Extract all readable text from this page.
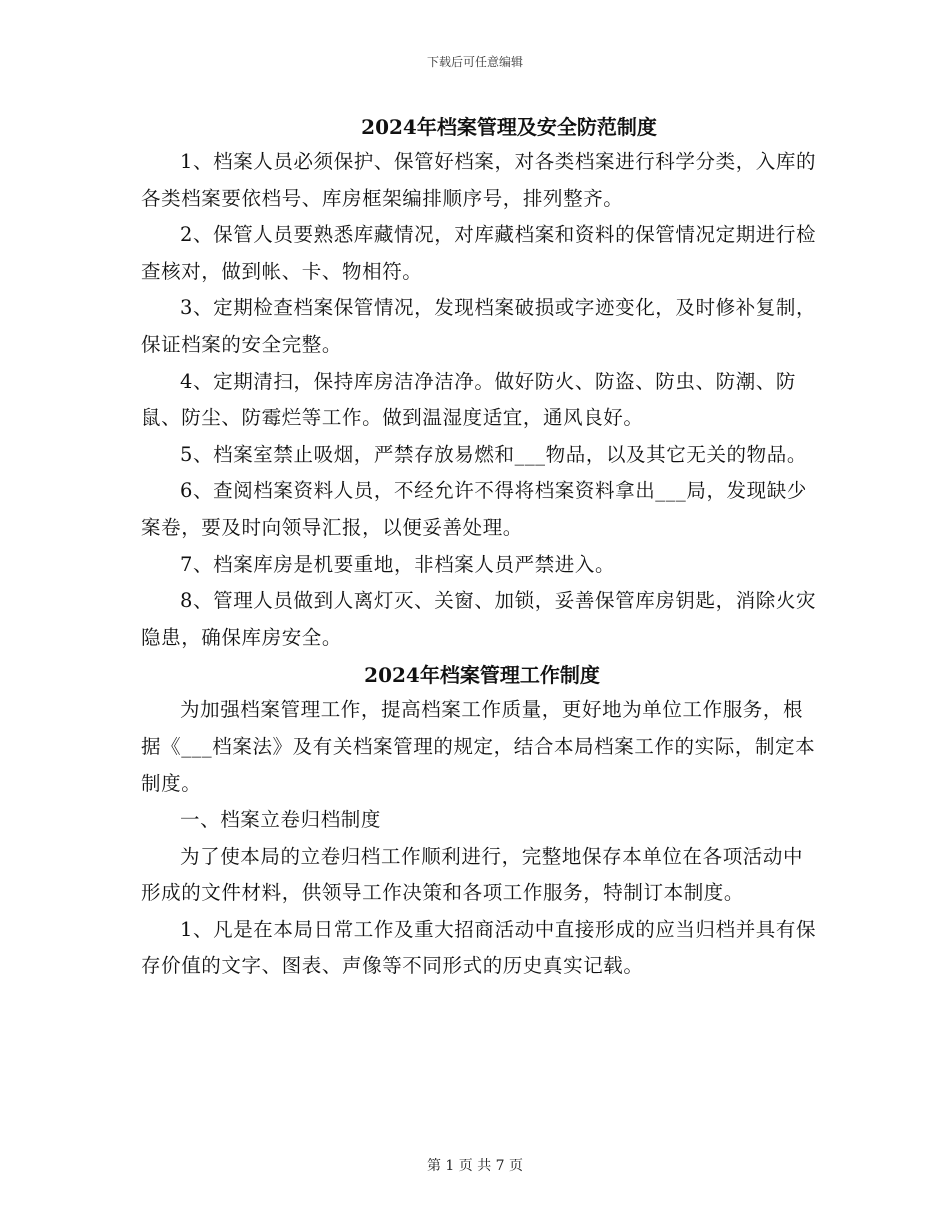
下载后可任意编辑
2024年档案管理及安全防范制度

1、档案人员必须保护、保管好档案，对各类档案进行科学分类，入库的各类档案要依档号、库房框架编排顺序号，排列整齐。

2、保管人员要熟悉库藏情况，对库藏档案和资料的保管情况定期进行检查核对，做到帐、卡、物相符。

3、定期检查档案保管情况，发现档案破损或字迹变化，及时修补复制，保证档案的安全完整。

4、定期清扫，保持库房洁净洁净。做好防火、防盗、防虫、防潮、防鼠、防尘、防霉烂等工作。做到温湿度适宜，通风良好。

5、档案室禁止吸烟，严禁存放易燃和___物品，以及其它无关的物品。

6、查阅档案资料人员，不经允许不得将档案资料拿出___局，发现缺少案卷，要及时向领导汇报，以便妥善处理。

7、档案库房是机要重地，非档案人员严禁进入。

8、管理人员做到人离灯灭、关窗、加锁，妥善保管库房钥匙，消除火灾隐患，确保库房安全。

2024年档案管理工作制度

为加强档案管理工作，提高档案工作质量，更好地为单位工作服务，根据《___档案法》及有关档案管理的规定，结合本局档案工作的实际，制定本制度。

一、档案立卷归档制度

为了使本局的立卷归档工作顺利进行，完整地保存本单位在各项活动中形成的文件材料，供领导工作决策和各项工作服务，特制订本制度。

1、凡是在本局日常工作及重大招商活动中直接形成的应当归档并具有保存价值的文字、图表、声像等不同形式的历史真实记载。

第 1 页 共 7 页
